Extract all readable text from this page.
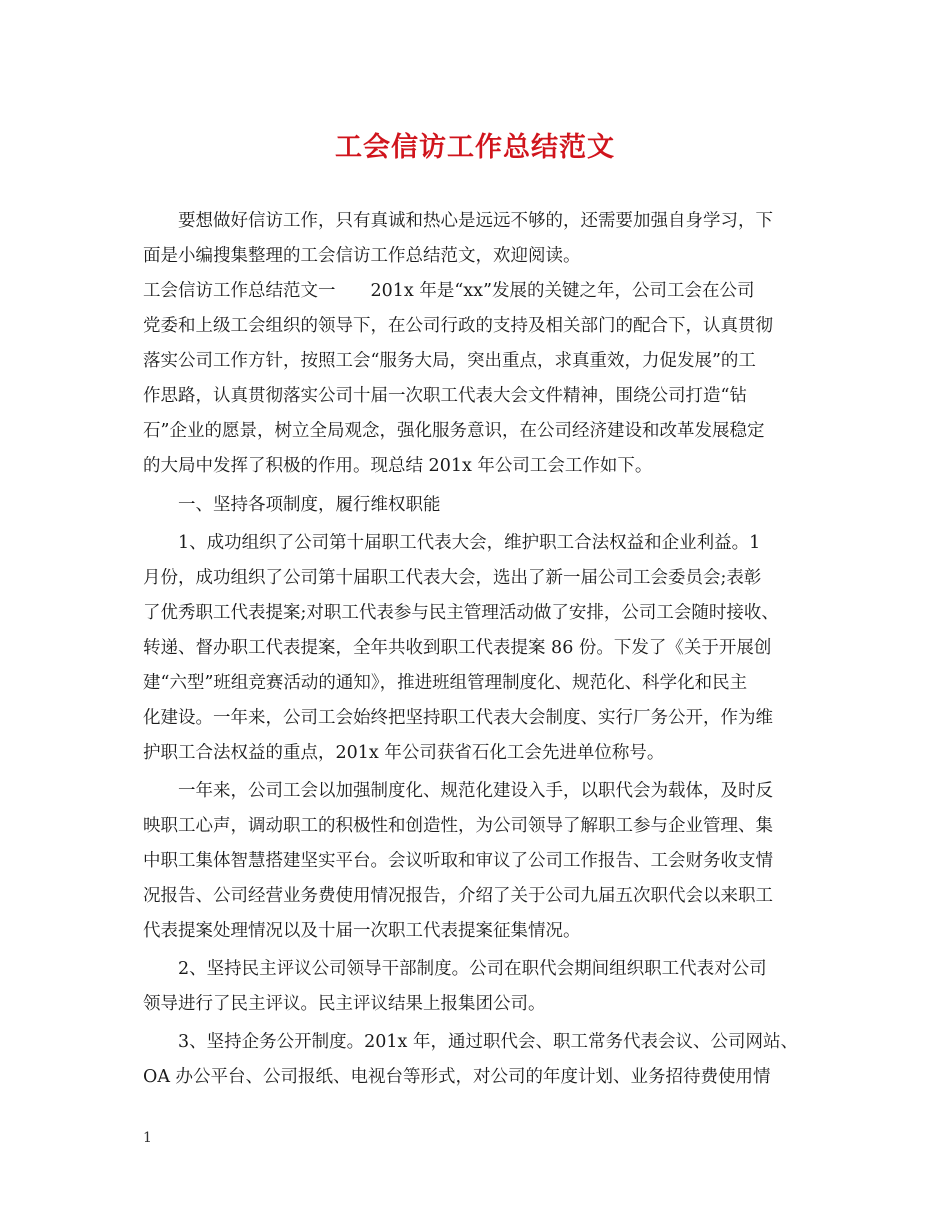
工会信访工作总结范文
　　要想做好信访工作，只有真诚和热心是远远不够的，还需要加强自身学习，下
面是小编搜集整理的工会信访工作总结范文，欢迎阅读。
工会信访工作总结范文一　　201x 年是“xx”发展的关键之年，公司工会在公司
党委和上级工会组织的领导下，在公司行政的支持及相关部门的配合下，认真贯彻
落实公司工作方针，按照工会“服务大局，突出重点，求真重效，力促发展”的工
作思路，认真贯彻落实公司十届一次职工代表大会文件精神，围绕公司打造“钻
石”企业的愿景，树立全局观念，强化服务意识，在公司经济建设和改革发展稳定
的大局中发挥了积极的作用。现总结 201x 年公司工会工作如下。
　　一、坚持各项制度，履行维权职能
　　1、成功组织了公司第十届职工代表大会，维护职工合法权益和企业利益。1
月份，成功组织了公司第十届职工代表大会，选出了新一届公司工会委员会;表彰
了优秀职工代表提案;对职工代表参与民主管理活动做了安排，公司工会随时接收、
转递、督办职工代表提案，全年共收到职工代表提案 86 份。下发了《关于开展创
建“六型”班组竞赛活动的通知》，推进班组管理制度化、规范化、科学化和民主
化建设。一年来，公司工会始终把坚持职工代表大会制度、实行厂务公开，作为维
护职工合法权益的重点，201x 年公司获省石化工会先进单位称号。
　　一年来，公司工会以加强制度化、规范化建设入手，以职代会为载体，及时反
映职工心声，调动职工的积极性和创造性，为公司领导了解职工参与企业管理、集
中职工集体智慧搭建坚实平台。会议听取和审议了公司工作报告、工会财务收支情
况报告、公司经营业务费使用情况报告，介绍了关于公司九届五次职代会以来职工
代表提案处理情况以及十届一次职工代表提案征集情况。
　　2、坚持民主评议公司领导干部制度。公司在职代会期间组织职工代表对公司
领导进行了民主评议。民主评议结果上报集团公司。
　　3、坚持企务公开制度。201x 年，通过职代会、职工常务代表会议、公司网站、
OA 办公平台、公司报纸、电视台等形式，对公司的年度计划、业务招待费使用情
1
